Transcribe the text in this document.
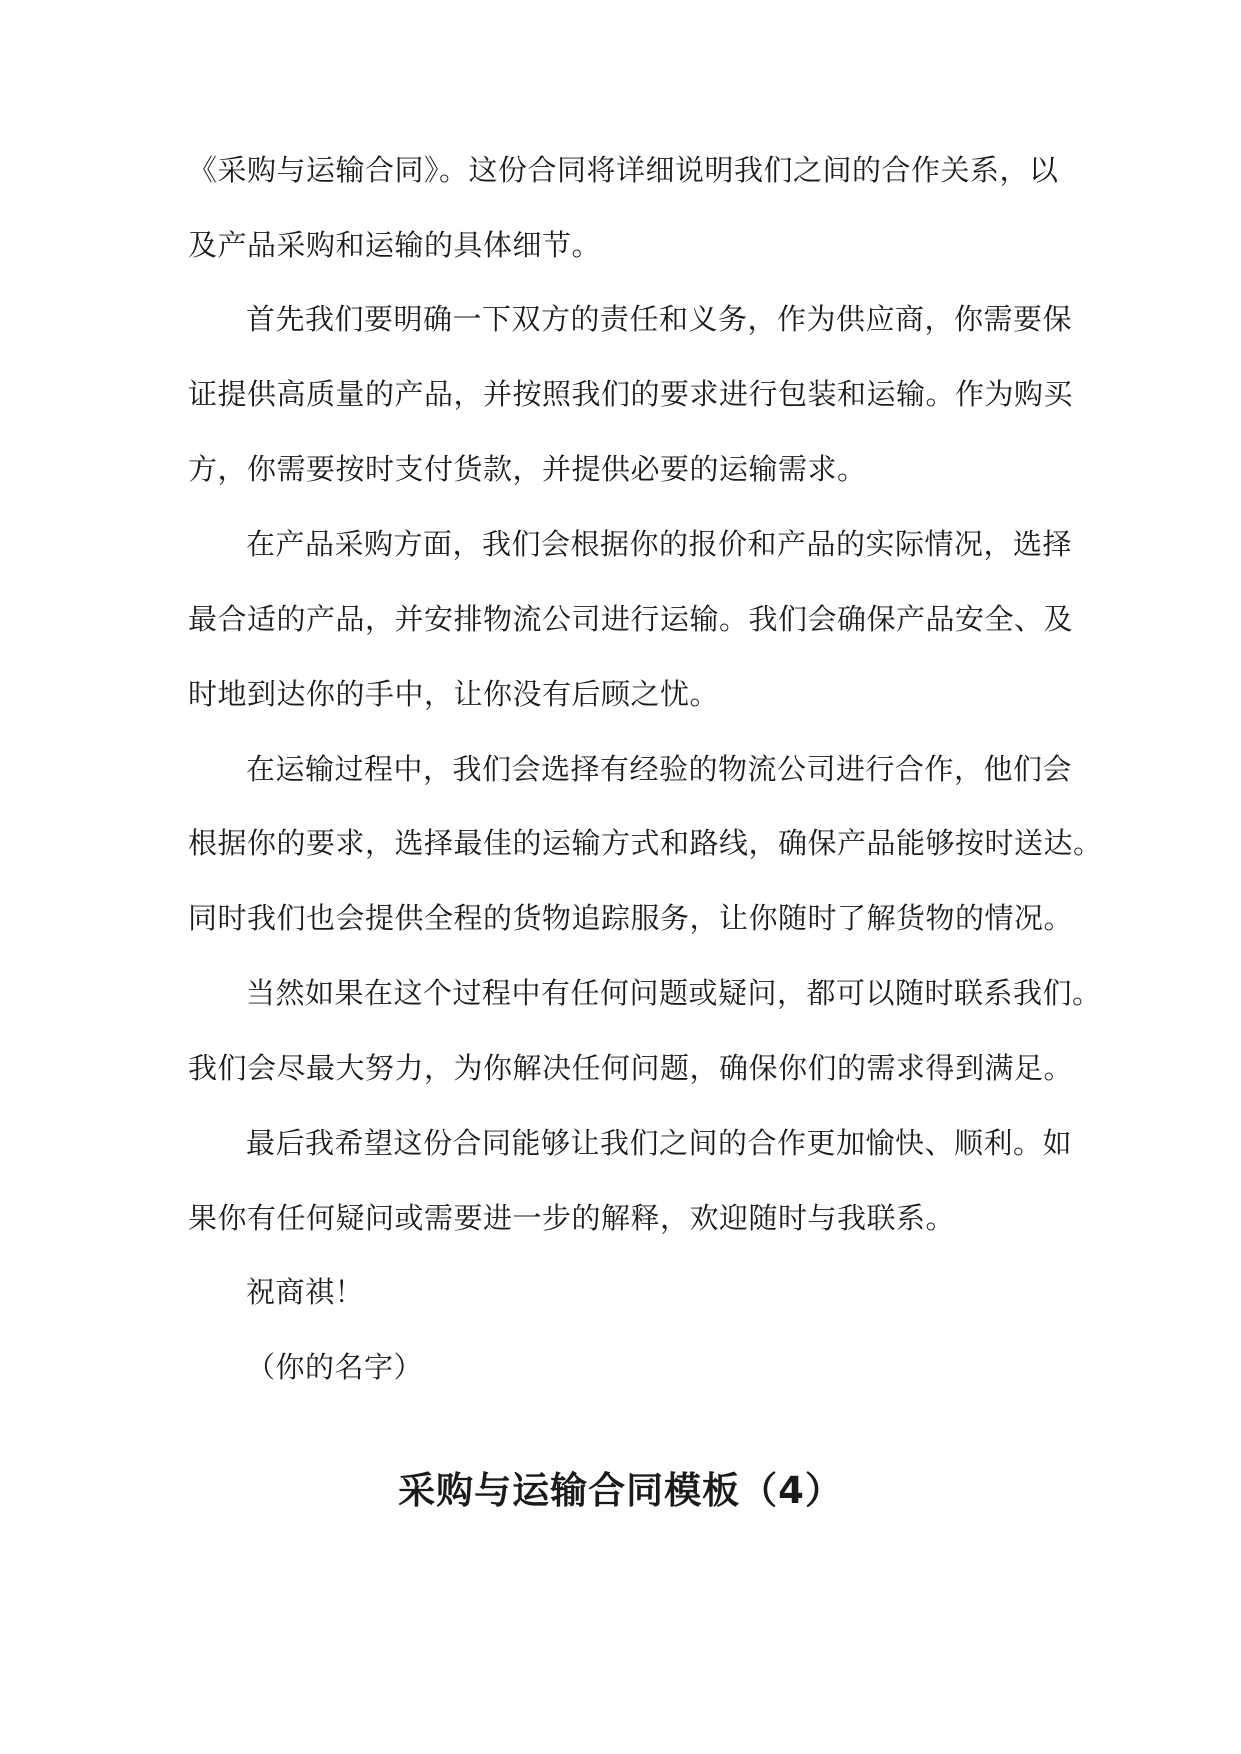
《采购与运输合同》。这份合同将详细说明我们之间的合作关系，以
及产品采购和运输的具体细节。
首先我们要明确一下双方的责任和义务，作为供应商，你需要保
证提供高质量的产品，并按照我们的要求进行包装和运输。作为购买
方，你需要按时支付货款，并提供必要的运输需求。
在产品采购方面，我们会根据你的报价和产品的实际情况，选择
最合适的产品，并安排物流公司进行运输。我们会确保产品安全、及
时地到达你的手中，让你没有后顾之忧。
在运输过程中，我们会选择有经验的物流公司进行合作，他们会
根据你的要求，选择最佳的运输方式和路线，确保产品能够按时送达。
同时我们也会提供全程的货物追踪服务，让你随时了解货物的情况。
当然如果在这个过程中有任何问题或疑问，都可以随时联系我们。
我们会尽最大努力，为你解决任何问题，确保你们的需求得到满足。
最后我希望这份合同能够让我们之间的合作更加愉快、顺利。如
果你有任何疑问或需要进一步的解释，欢迎随时与我联系。
祝商祺！
（你的名字）
采购与运输合同模板（4）
